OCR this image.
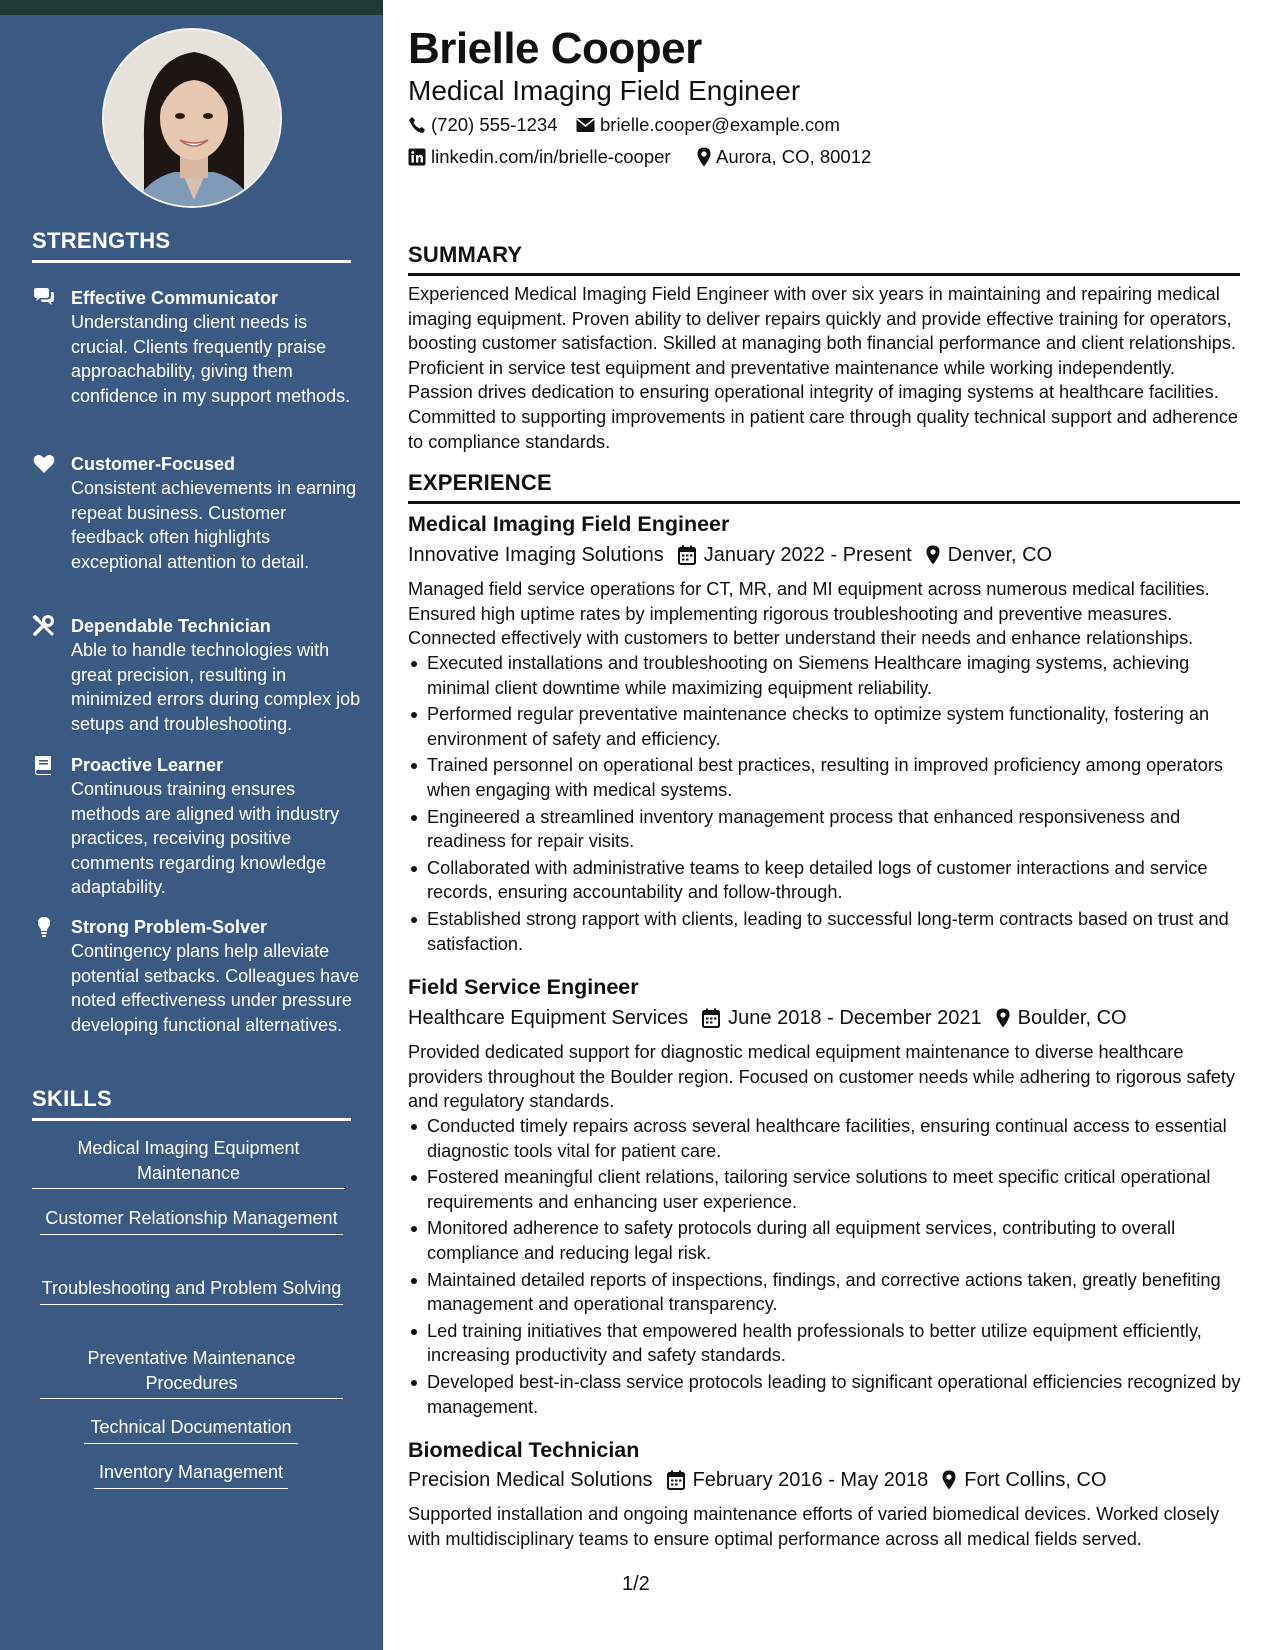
STRENGTHS
Effective Communicator
Understanding client needs is crucial. Clients frequently praise approachability, giving them confidence in my support methods.
Customer-Focused
Consistent achievements in earning repeat business. Customer feedback often highlights exceptional attention to detail.
Dependable Technician
Able to handle technologies with great precision, resulting in minimized errors during complex job setups and troubleshooting.
Proactive Learner
Continuous training ensures methods are aligned with industry practices, receiving positive comments regarding knowledge adaptability.
Strong Problem-Solver
Contingency plans help alleviate potential setbacks. Colleagues have noted effectiveness under pressure developing functional alternatives.
SKILLS
Medical Imaging Equipment Maintenance
Customer Relationship Management
Troubleshooting and Problem Solving
Preventative Maintenance Procedures
Technical Documentation
Inventory Management
Brielle Cooper
Medical Imaging Field Engineer
(720) 555-1234 brielle.cooper@example.com
linkedin.com/in/brielle-cooper Aurora, CO, 80012
SUMMARY
Experienced Medical Imaging Field Engineer with over six years in maintaining and repairing medical imaging equipment. Proven ability to deliver repairs quickly and provide effective training for operators, boosting customer satisfaction. Skilled at managing both financial performance and client relationships. Proficient in service test equipment and preventative maintenance while working independently. Passion drives dedication to ensuring operational integrity of imaging systems at healthcare facilities. Committed to supporting improvements in patient care through quality technical support and adherence to compliance standards.
EXPERIENCE
Medical Imaging Field Engineer
Innovative Imaging Solutions January 2022 - Present Denver, CO
Managed field service operations for CT, MR, and MI equipment across numerous medical facilities. Ensured high uptime rates by implementing rigorous troubleshooting and preventive measures. Connected effectively with customers to better understand their needs and enhance relationships.
Executed installations and troubleshooting on Siemens Healthcare imaging systems, achieving minimal client downtime while maximizing equipment reliability.
Performed regular preventative maintenance checks to optimize system functionality, fostering an environment of safety and efficiency.
Trained personnel on operational best practices, resulting in improved proficiency among operators when engaging with medical systems.
Engineered a streamlined inventory management process that enhanced responsiveness and readiness for repair visits.
Collaborated with administrative teams to keep detailed logs of customer interactions and service records, ensuring accountability and follow-through.
Established strong rapport with clients, leading to successful long-term contracts based on trust and satisfaction.
Field Service Engineer
Healthcare Equipment Services June 2018 - December 2021 Boulder, CO
Provided dedicated support for diagnostic medical equipment maintenance to diverse healthcare providers throughout the Boulder region. Focused on customer needs while adhering to rigorous safety and regulatory standards.
Conducted timely repairs across several healthcare facilities, ensuring continual access to essential diagnostic tools vital for patient care.
Fostered meaningful client relations, tailoring service solutions to meet specific critical operational requirements and enhancing user experience.
Monitored adherence to safety protocols during all equipment services, contributing to overall compliance and reducing legal risk.
Maintained detailed reports of inspections, findings, and corrective actions taken, greatly benefiting management and operational transparency.
Led training initiatives that empowered health professionals to better utilize equipment efficiently, increasing productivity and safety standards.
Developed best-in-class service protocols leading to significant operational efficiencies recognized by management.
Biomedical Technician
Precision Medical Solutions February 2016 - May 2018 Fort Collins, CO
Supported installation and ongoing maintenance efforts of varied biomedical devices. Worked closely with multidisciplinary teams to ensure optimal performance across all medical fields served.
1/2
